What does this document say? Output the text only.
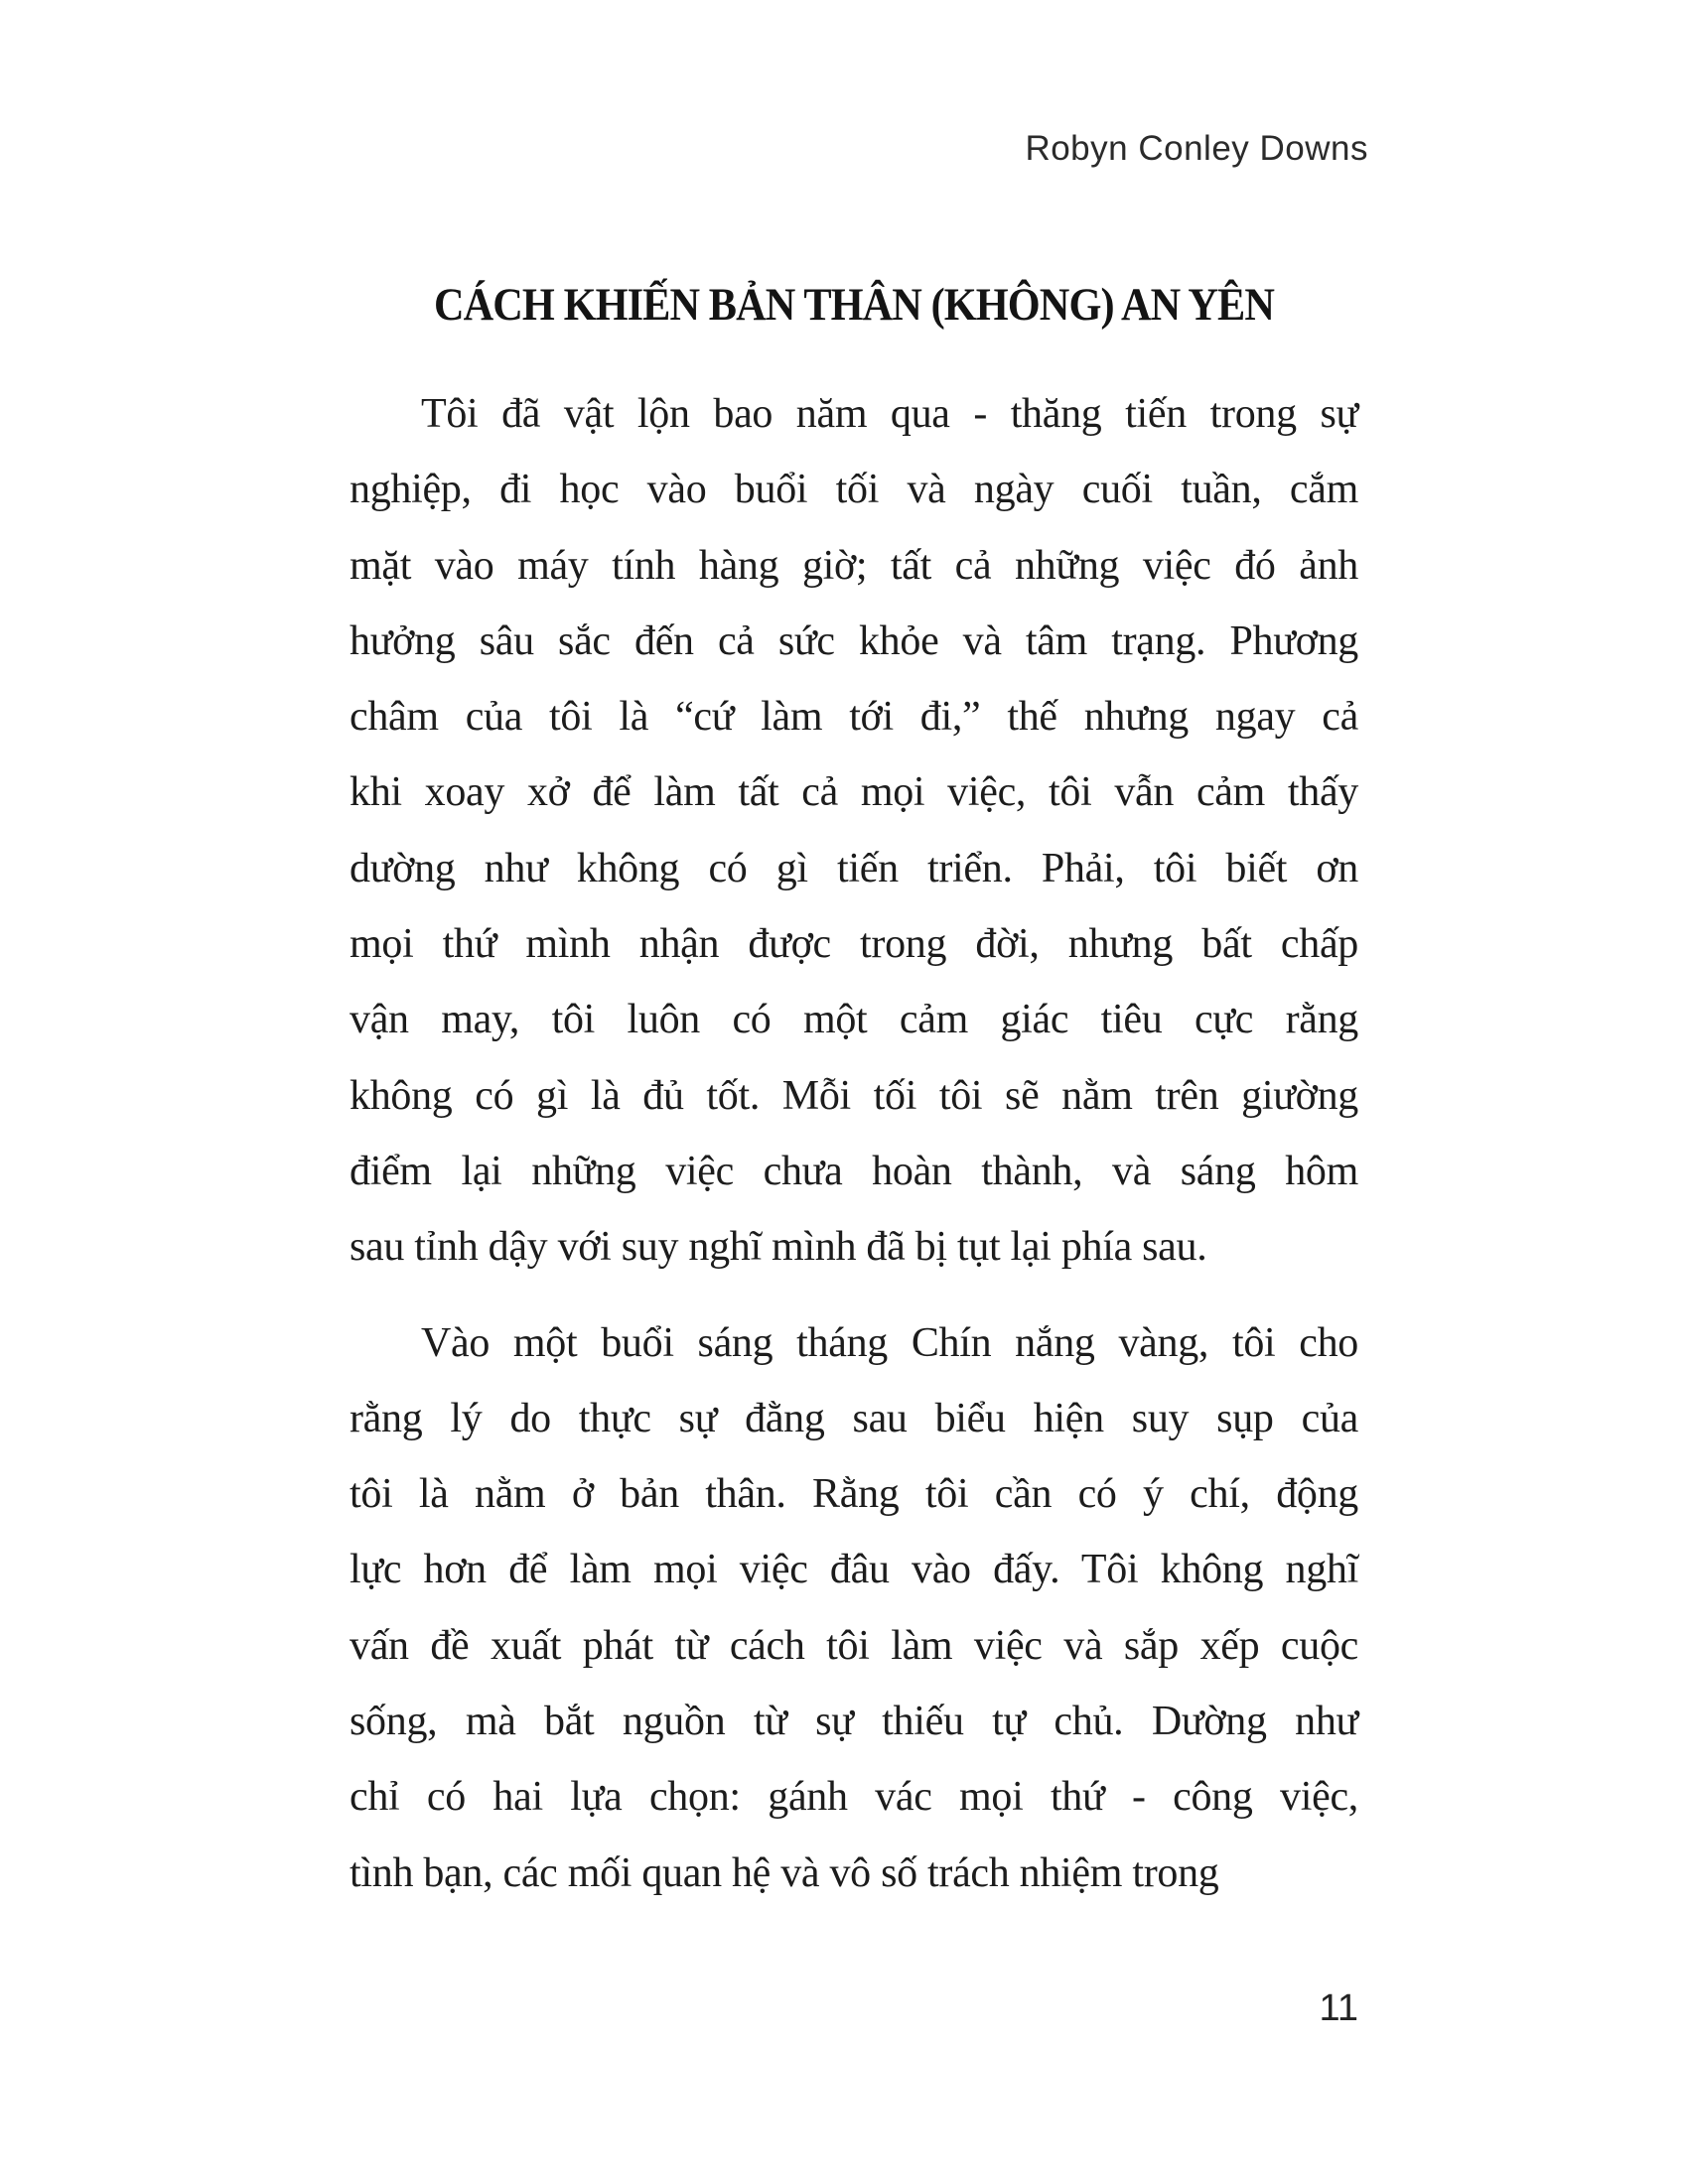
Robyn Conley Downs
CÁCH KHIẾN BẢN THÂN (KHÔNG) AN YÊN
Tôi đã vật lộn bao năm qua - thăng tiến trong sự
nghiệp, đi học vào buổi tối và ngày cuối tuần, cắm
mặt vào máy tính hàng giờ; tất cả những việc đó ảnh
hưởng sâu sắc đến cả sức khỏe và tâm trạng. Phương
châm của tôi là “cứ làm tới đi,” thế nhưng ngay cả
khi xoay xở để làm tất cả mọi việc, tôi vẫn cảm thấy
dường như không có gì tiến triển. Phải, tôi biết ơn
mọi thứ mình nhận được trong đời, nhưng bất chấp
vận may, tôi luôn có một cảm giác tiêu cực rằng
không có gì là đủ tốt. Mỗi tối tôi sẽ nằm trên giường
điểm lại những việc chưa hoàn thành, và sáng hôm
sau tỉnh dậy với suy nghĩ mình đã bị tụt lại phía sau.
Vào một buổi sáng tháng Chín nắng vàng, tôi cho
rằng lý do thực sự đằng sau biểu hiện suy sụp của
tôi là nằm ở bản thân. Rằng tôi cần có ý chí, động
lực hơn để làm mọi việc đâu vào đấy. Tôi không nghĩ
vấn đề xuất phát từ cách tôi làm việc và sắp xếp cuộc
sống, mà bắt nguồn từ sự thiếu tự chủ. Dường như
chỉ có hai lựa chọn: gánh vác mọi thứ - công việc,
tình bạn, các mối quan hệ và vô số trách nhiệm trong
11
